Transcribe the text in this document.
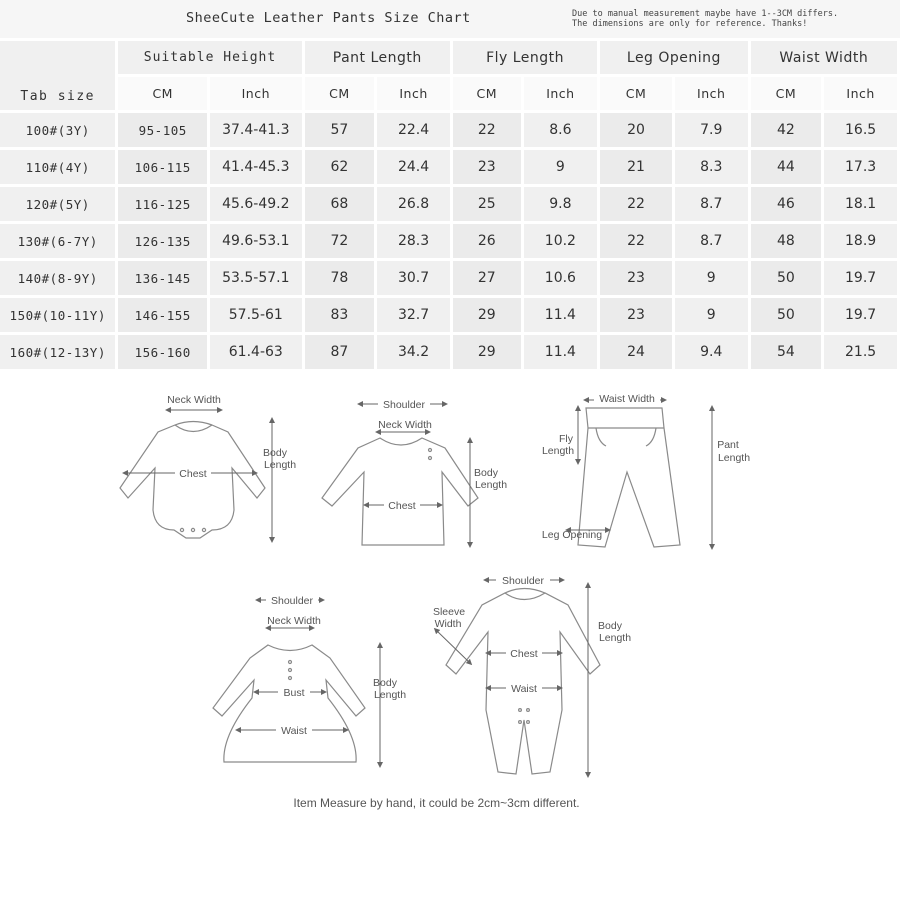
SheeCute Leather Pants Size Chart	Due to manual measurement maybe have 1--3CM differs.
The dimensions are only for reference. Thanks!
Tab size	Suitable Height		Pant Length		Fly Length		Leg Opening		Waist Width	
	CM	Inch	CM	Inch	CM	Inch	CM	Inch	CM	Inch
100#(3Y)	95-105	37.4-41.3	57	22.4	22	8.6	20	7.9	42	16.5
110#(4Y)	106-115	41.4-45.3	62	24.4	23	9	21	8.3	44	17.3
120#(5Y)	116-125	45.6-49.2	68	26.8	25	9.8	22	8.7	46	18.1
130#(6-7Y)	126-135	49.6-53.1	72	28.3	26	10.2	22	8.7	48	18.9
140#(8-9Y)	136-145	53.5-57.1	78	30.7	27	10.6	23	9	50	19.7
150#(10-11Y)	146-155	57.5-61	83	32.7	29	11.4	23	9	50	19.7
160#(12-13Y)	156-160	61.4-63	87	34.2	29	11.4	24	9.4	54	21.5
Neck Width
Chest
Body
Length
Shoulder
Neck Width
Chest
Body
Length
Waist Width
Fly
Length	Pant
Length
Leg Opening
Shoulder
Neck Width
Bust
Waist
Body
Length
Shoulder
Sleeve
Width
Chest
Waist
Body
Length
Item Measure by hand, it could be 2cm~3cm different.
